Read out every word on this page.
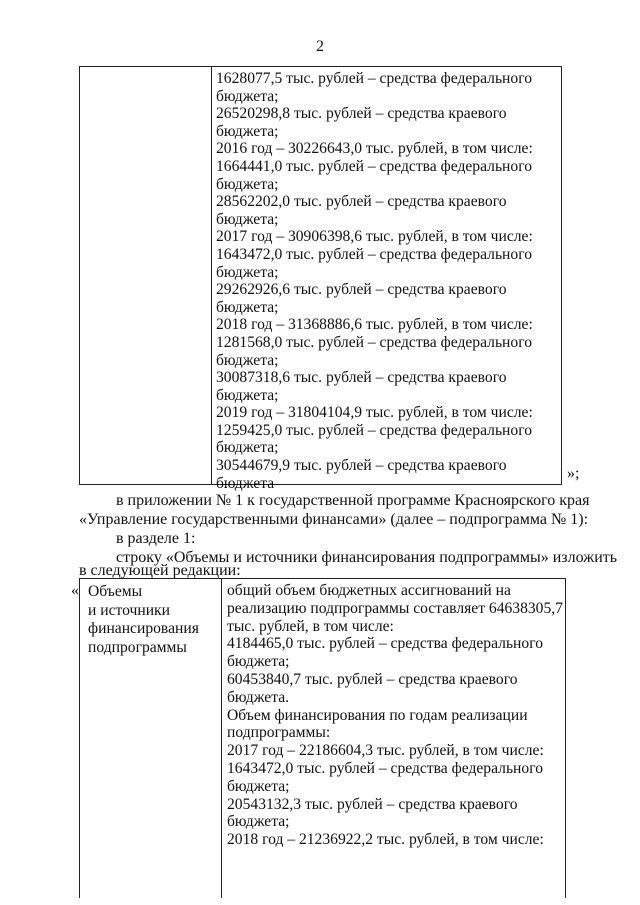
2
1628077,5 тыс. рублей – средства федерального
бюджета;
26520298,8 тыс. рублей – средства краевого
бюджета;
2016 год – 30226643,0 тыс. рублей, в том числе:
1664441,0 тыс. рублей – средства федерального
бюджета;
28562202,0 тыс. рублей – средства краевого
бюджета;
2017 год – 30906398,6 тыс. рублей, в том числе:
1643472,0 тыс. рублей – средства федерального
бюджета;
29262926,6 тыс. рублей – средства краевого
бюджета;
2018 год – 31368886,6 тыс. рублей, в том числе:
1281568,0 тыс. рублей – средства федерального
бюджета;
30087318,6 тыс. рублей – средства краевого
бюджета;
2019 год – 31804104,9 тыс. рублей, в том числе:
1259425,0 тыс. рублей – средства федерального
бюджета;
30544679,9 тыс. рублей – средства краевого
бюджета
»;
в приложении № 1 к государственной программе Красноярского края
«Управление государственными финансами» (далее – подпрограмма № 1):
в разделе 1:
строку «Объемы и источники финансирования подпрограммы» изложить
в следующей редакции:
« Объемы
и источники
финансирования
подпрограммы
общий объем бюджетных ассигнований на
реализацию подпрограммы составляет 64638305,7
тыс. рублей, в том числе:
4184465,0 тыс. рублей – средства федерального
бюджета;
60453840,7 тыс. рублей – средства краевого
бюджета.
Объем финансирования по годам реализации
подпрограммы:
2017 год – 22186604,3 тыс. рублей, в том числе:
1643472,0 тыс. рублей – средства федерального
бюджета;
20543132,3 тыс. рублей – средства краевого
бюджета;
2018 год – 21236922,2 тыс. рублей, в том числе:
